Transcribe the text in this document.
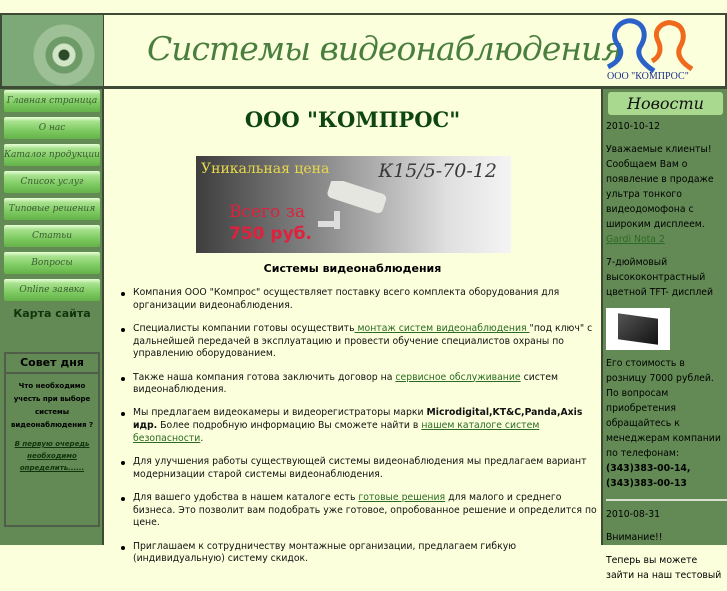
Системы видеонаблюдения
ООО "КОМПРОС"
Главная страница
О нас
Каталог продукции
Список услуг
Типовые решения
Статьи
Вопросы
Online заявка
Карта сайта
Совет дня
Что необходимо учесть при выборе системы видеонаблюдения ?
В первую очередь необходимо определить......
ООО "КОМПРОС"
Уникальная цена	К15/5-70-12
Всего за
750 руб.
Системы видеонаблюдения
Компания ООО "Компрос" осуществляет поставку всего комплекта оборудования для организации видеонаблюдения.
Специалисты компании готовы осуществить монтаж систем видеонаблюдения "под ключ" с дальнейшей передачей в эксплуатацию и провести обучение специалистов охраны по управлению оборудованием.
Также наша компания готова заключить договор на сервисное обслуживание систем видеонаблюдения.
Мы предлагаем видеокамеры и видеорегистраторы марки Microdigital,KT&C,Panda,Axis идр. Более подробную информацию Вы сможете найти в нашем каталоге систем безопасности.
Для улучшения работы существующей системы видеонаблюдения мы предлагаем вариант модернизации старой системы видеонаблюдения.
Для вашего удобства в нашем каталоге есть готовые решения для малого и среднего бизнеса. Это позволит вам подобрать уже готовое, опробованное решение и определится по цене.
Приглашаем к сотрудничеству монтажные организации, предлагаем гибкую (индивидуальную) систему скидок.
Новости

2010-10-12

Уважаемые клиенты! Сообщаем Вам о появление в продаже ультра тонкого видеодомофона с широким дисплеем.
Gardi Nota 2

7-дюймовый высококонтрастный цветной TFT- дисплей

Его стоимость в розницу 7000 рублей. По вопросам приобретения обращайтесь к менеджерам компании по телефонам: (343)383-00-14,
(343)383-00-13

2010-08-31

Внимание!!

Теперь вы можете зайти на наш тестовый
